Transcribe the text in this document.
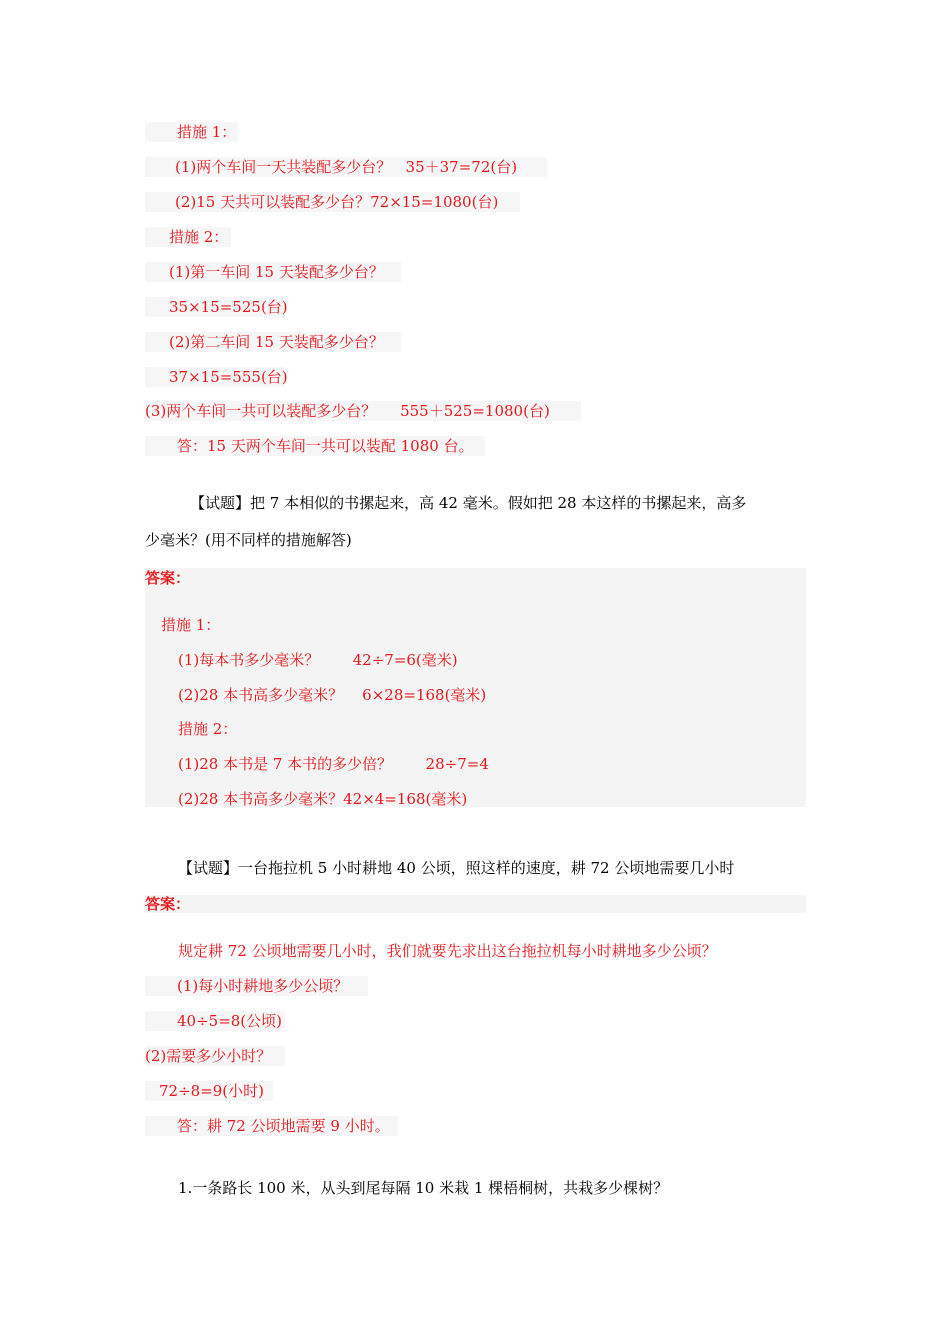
措施 1：
(1)两个车间一天共装配多少台？   35＋37=72(台)
(2)15 天共可以装配多少台？72×15=1080(台)
措施 2：
(1)第一车间 15 天装配多少台？
35×15=525(台)
(2)第二车间 15 天装配多少台？
37×15=555(台)
(3)两个车间一共可以装配多少台？     555＋525=1080(台)
答：15 天两个车间一共可以装配 1080 台。
【试题】把 7 本相似的书摞起来，高 42 毫米。假如把 28 本这样的书摞起来，高多
少毫米？(用不同样的措施解答)
答案：
措施 1：
(1)每本书多少毫米？       42÷7=6(毫米)
(2)28 本书高多少毫米？    6×28=168(毫米)
措施 2：
(1)28 本书是 7 本书的多少倍？       28÷7=4
(2)28 本书高多少毫米？42×4=168(毫米)
【试题】一台拖拉机 5 小时耕地 40 公顷，照这样的速度，耕 72 公顷地需要几小时
答案：
规定耕 72 公顷地需要几小时，我们就要先求出这台拖拉机每小时耕地多少公顷？
(1)每小时耕地多少公顷？
40÷5=8(公顷)
(2)需要多少小时？
72÷8=9(小时)
答：耕 72 公顷地需要 9 小时。
1.一条路长 100 米，从头到尾每隔 10 米栽 1 棵梧桐树，共栽多少棵树？
